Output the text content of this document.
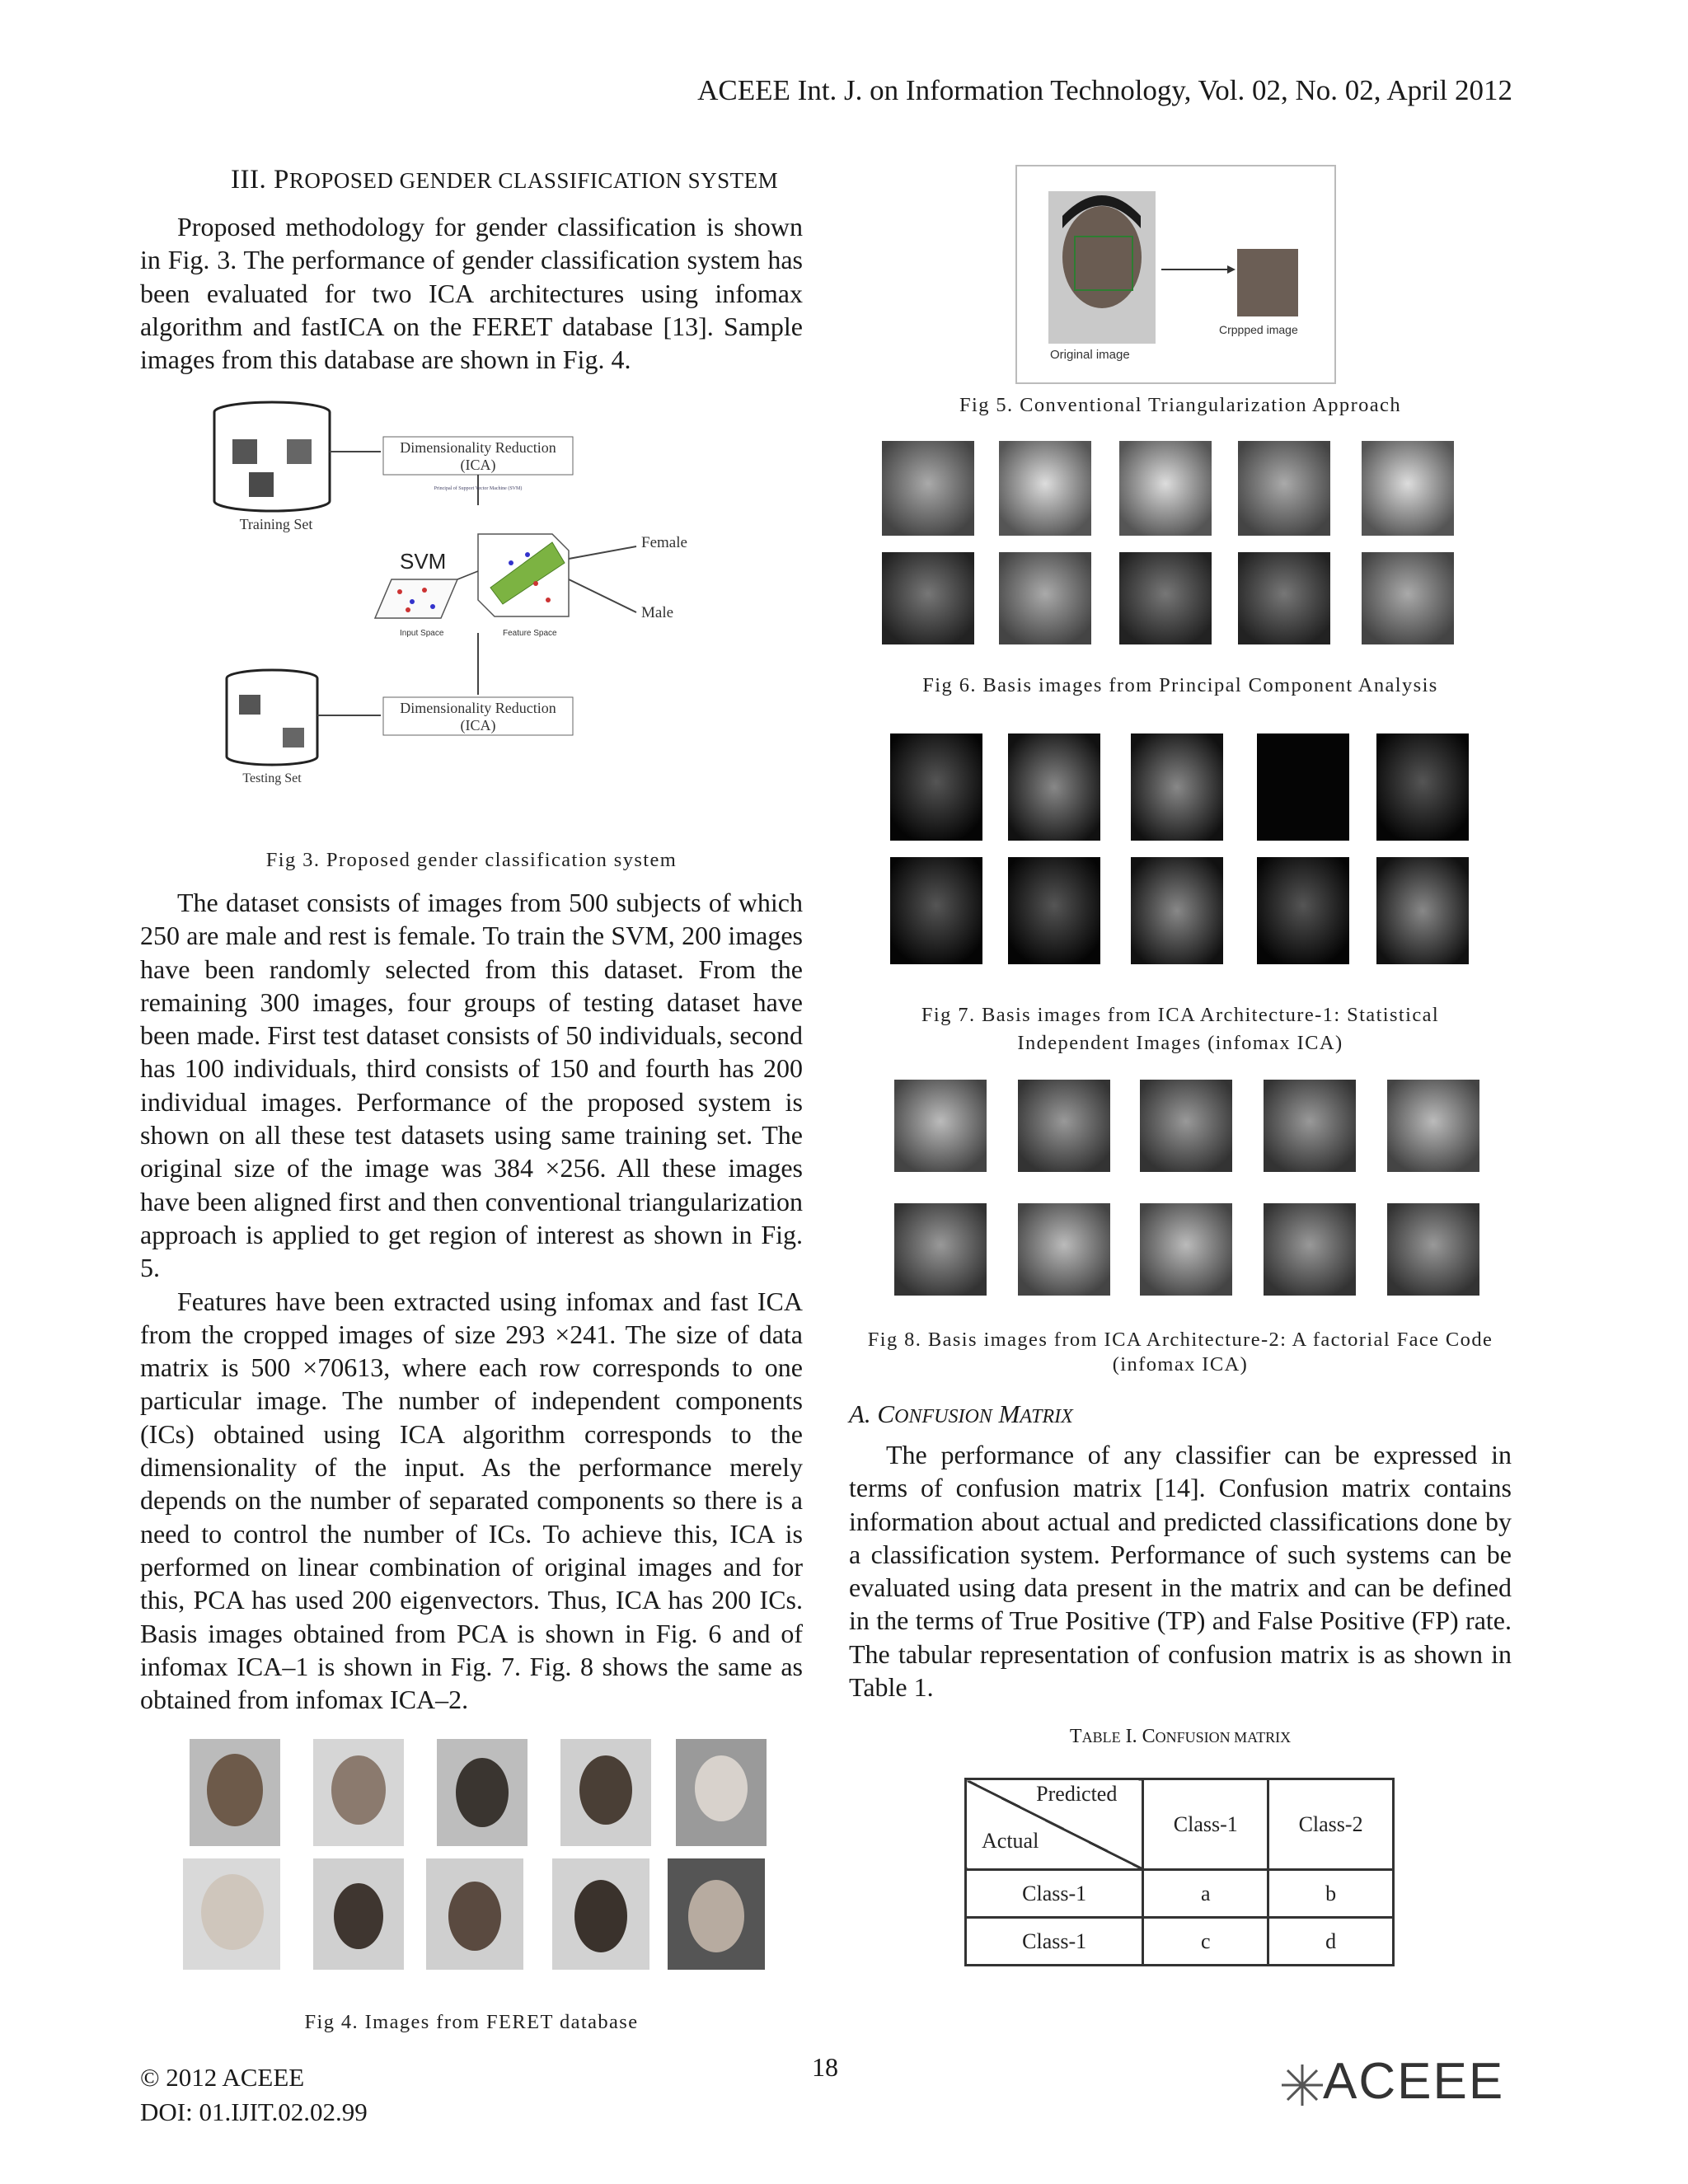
ACEEE Int. J. on Information Technology, Vol. 02, No. 02, April 2012
III. PROPOSED GENDER CLASSIFICATION SYSTEM

Proposed methodology for gender classification is shown in Fig. 3. The performance of gender classification system has been evaluated for two ICA architectures using infomax algorithm and fastICA on the FERET database [13]. Sample images from this database are shown in Fig. 4.

Dimensionality Reduction
(ICA)
Dimensionality Reduction
(ICA)
Training Set
Testing Set
Principal of Support Vector Machine (SVM)
SVM
Female
Male
Input Space	Feature Space
Fig 3. Proposed gender classification system

The dataset consists of images from 500 subjects of which 250 are male and rest is female. To train the SVM, 200 images have been randomly selected from this dataset. From the remaining 300 images, four groups of testing dataset have been made. First test dataset consists of 50 individuals, second has 100 individuals, third consists of 150 and fourth has 200 individual images. Performance of the proposed system is shown on all these test datasets using same training set. The original size of the image was 384 ×256. All these images have been aligned first and then conventional triangularization approach is applied to get region of interest as shown in Fig. 5.

Features have been extracted using infomax and fast ICA from the cropped images of size 293 ×241. The size of data matrix is 500 ×70613, where each row corresponds to one particular image. The number of independent components (ICs) obtained using ICA algorithm corresponds to the dimensionality of the input. As the performance merely depends on the number of separated components so there is a need to control the number of ICs. To achieve this, ICA is performed on linear combination of original images and for this, PCA has used 200 eigenvectors. Thus, ICA has 200 ICs. Basis images obtained from PCA is shown in Fig. 6 and of infomax ICA–1 is shown in Fig. 7. Fig. 8 shows the same as obtained from infomax ICA–2.

Fig 4. Images from FERET database
Original image
Crppped image
Fig 5. Conventional Triangularization Approach
Fig 6. Basis images from Principal Component Analysis
Fig 7. Basis images from ICA Architecture-1: Statistical
Independent Images (infomax ICA)
Fig 8. Basis images from ICA Architecture-2: A factorial Face Code
(infomax ICA)
A. CONFUSION MATRIX

The performance of any classifier can be expressed in terms of confusion matrix [14]. Confusion matrix contains information about actual and predicted classifications done by a classification system. Performance of such systems can be evaluated using data present in the matrix and can be defined in the terms of True Positive (TP) and False Positive (FP) rate. The tabular representation of confusion matrix is as shown in Table 1.

TABLE I. CONFUSION MATRIX
Predicted
Actual	Class-1	Class-2
Class-1	a	b
Class-1	c	d
© 2012 ACEEE
DOI: 01.IJIT.02.02.99
18	ACEEE
